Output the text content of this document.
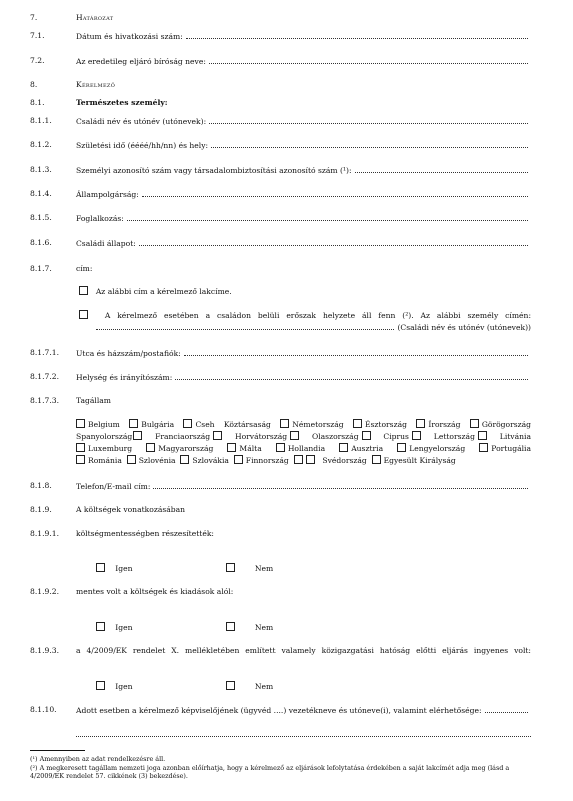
7.	Határozat
7.1.	Dátum és hivatkozási szám:
7.2.	Az eredetileg eljáró bíróság neve:
8.	Kérelmező
8.1.	Természetes személy:
8.1.1.	Családi név és utónév (utónevek):
8.1.2.	Születési idő (éééé/hh/nn) és hely:
8.1.3.	Személyi azonosító szám vagy társadalombiztosítási azonosító szám (¹):
8.1.4.	Állampolgárság:
8.1.5.	Foglalkozás:
8.1.6.	Családi állapot:
8.1.7.	cím:
Az alábbi cím a kérelmező lakcíme.
A kérelmező esetében a családon belüli erőszak helyzete áll fenn (²). Az alábbi személy címén:
(Családi név és utónév (utónevek))
8.1.7.1. Utca és házszám/postafiók:
8.1.7.2. Helység és irányítószám:
8.1.7.3. Tagállam
Belgium	Bulgária	Cseh Köztársaság	Németország	Észtország	Írország	Görögország
Spanyolország	Franciaország	Horvátország	Olaszország	Ciprus	Lettország	Litvánia
Luxemburg	Magyarország	Málta	Hollandia	Ausztria	Lengyelország	Portugália
Románia Szlovénia Szlovákia Finnország	Svédország Egyesült Királyság
8.1.8.	Telefon/E-mail cím:
8.1.9.	A költségek vonatkozásában
8.1.9.1. költségmentességben részesítették:
Igen	Nem
8.1.9.2. mentes volt a költségek és kiadások alól:
Igen	Nem
8.1.9.3. a 4/2009/EK rendelet X. mellékletében említett valamely közigazgatási hatóság előtti eljárás ingyenes volt:
Igen	Nem
8.1.10.	Adott esetben a kérelmező képviselőjének (ügyvéd ....) vezetékneve és utóneve(i), valamint elérhetősége:
(¹) Amennyiben az adat rendelkezésre áll.
(²) A megkeresett tagállam nemzeti joga azonban előírhatja, hogy a kérelmező az eljárások lefolytatása érdekében a saját lakcímét adja meg (lásd a 4/2009/EK rendelet 57. cikkének (3) bekezdése).
